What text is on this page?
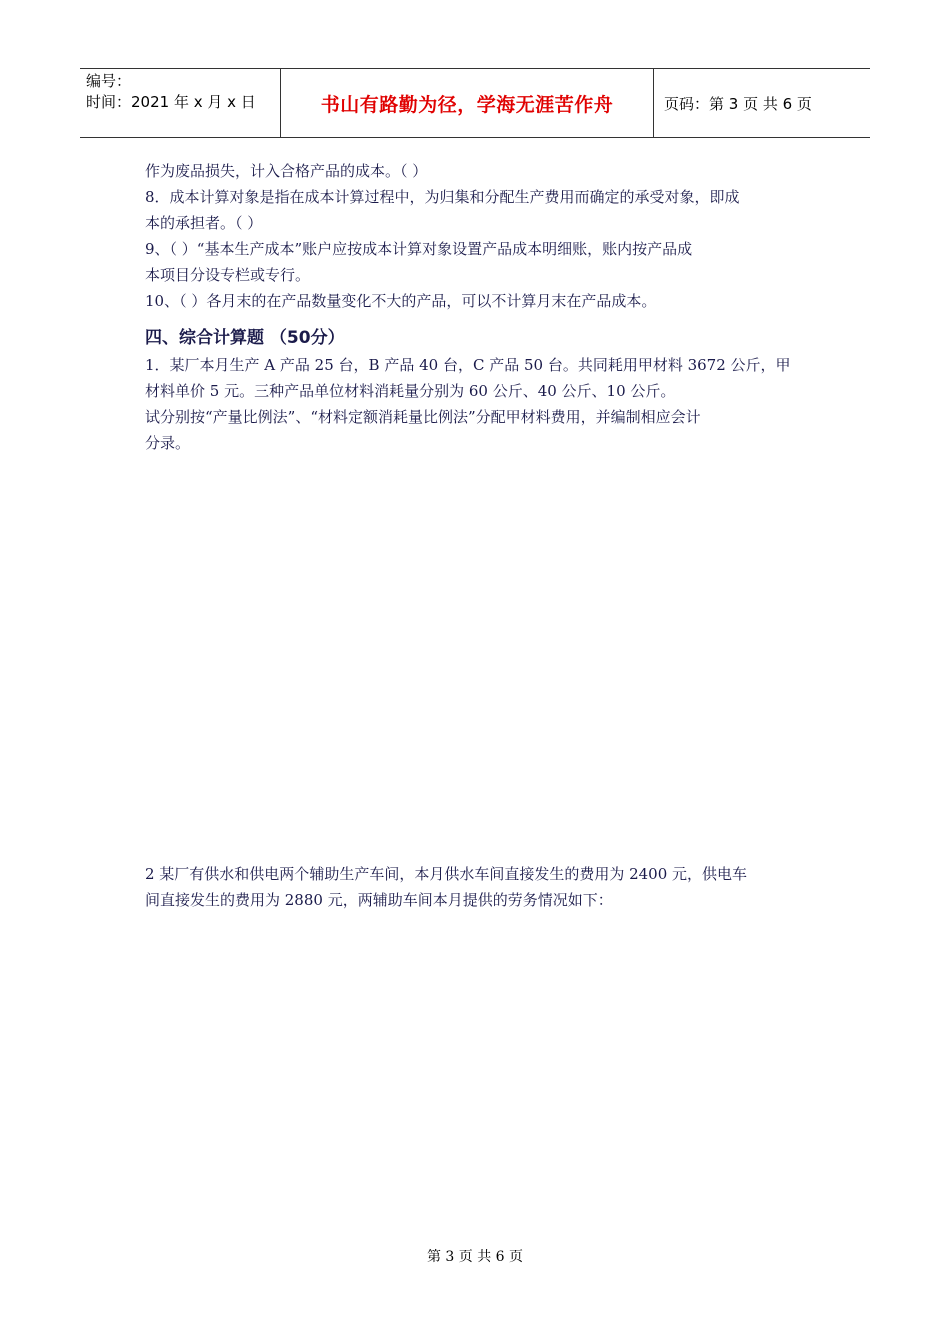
编号：
时间：2021 年 x 月 x 日	书山有路勤为径，学海无涯苦作舟	页码：第 3 页 共 6 页
作为废品损失，计入合格产品的成本。（ ）
8．成本计算对象是指在成本计算过程中，为归集和分配生产费用而确定的承受对象，即成
本的承担者。（ ）
9、（ ）“基本生产成本”账户应按成本计算对象设置产品成本明细账，账内按产品成
本项目分设专栏或专行。
10、（ ）各月末的在产品数量变化不大的产品，可以不计算月末在产品成本。
四、综合计算题 （50分）
1．某厂本月生产 A 产品 25 台，B 产品 40 台，C 产品 50 台。共同耗用甲材料 3672 公斤，甲
材料单价 5 元。三种产品单位材料消耗量分别为 60 公斤、40 公斤、10 公斤。
试分别按“产量比例法”、“材料定额消耗量比例法”分配甲材料费用，并编制相应会计
分录。
2 某厂有供水和供电两个辅助生产车间，本月供水车间直接发生的费用为 2400 元，供电车
间直接发生的费用为 2880 元，两辅助车间本月提供的劳务情况如下：
第 3 页 共 6 页
